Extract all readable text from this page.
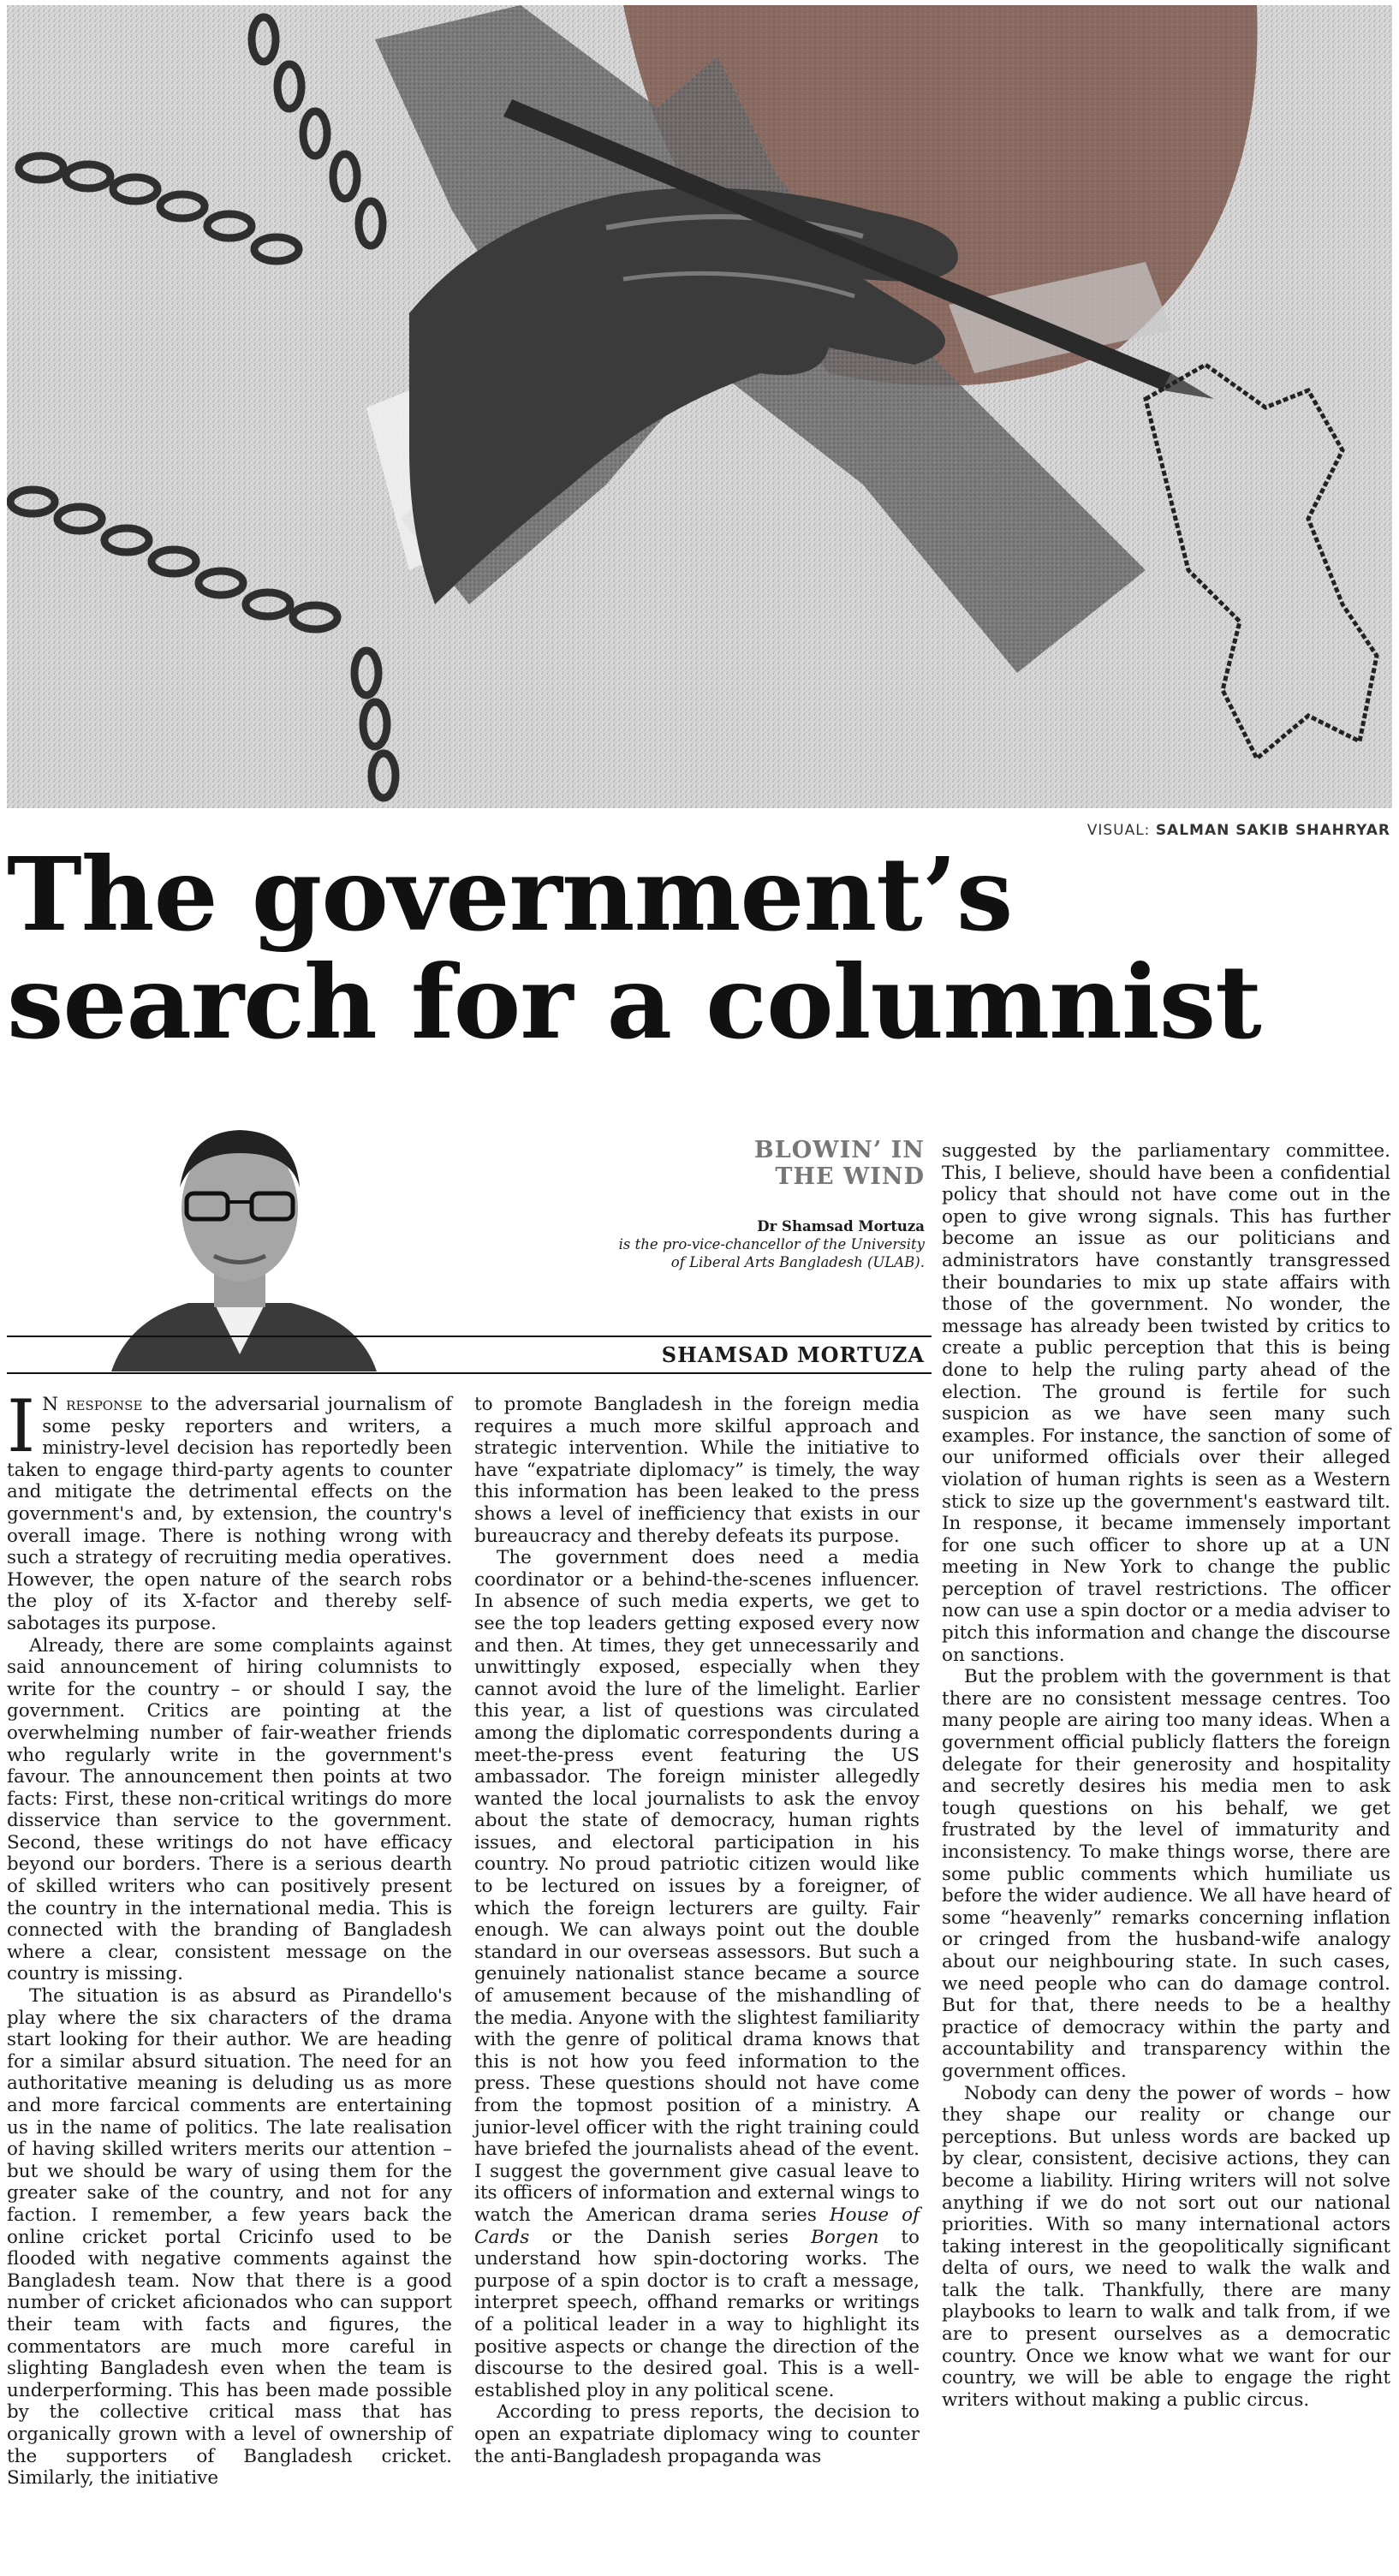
VISUAL: SALMAN SAKIB SHAHRYAR
The government’s
search for a columnist
BLOWIN’ IN
THE WIND
Dr Shamsad Mortuza
is the pro-vice-chancellor of the University of Liberal Arts Bangladesh (ULAB).
SHAMSAD MORTUZA

I N response to the adversarial journalism of some pesky reporters and writers, a ministry-level decision has reportedly been taken to engage third-party agents to counter and mitigate the detrimental effects on the government's and, by extension, the country's overall image. There is nothing wrong with such a strategy of recruiting media operatives. However, the open nature of the search robs the ploy of its X-factor and thereby self-sabotages its purpose.

Already, there are some complaints against said announcement of hiring columnists to write for the country – or should I say, the government. Critics are pointing at the overwhelming number of fair-weather friends who regularly write in the government's favour. The announcement then points at two facts: First, these non-critical writings do more disservice than service to the government. Second, these writings do not have efficacy beyond our borders. There is a serious dearth of skilled writers who can positively present the country in the international media. This is connected with the branding of Bangladesh where a clear, consistent message on the country is missing.

The situation is as absurd as Pirandello's play where the six characters of the drama start looking for their author. We are heading for a similar absurd situation. The need for an authoritative meaning is deluding us as more and more farcical comments are entertaining us in the name of politics. The late realisation of having skilled writers merits our attention – but we should be wary of using them for the greater sake of the country, and not for any faction. I remember, a few years back the online cricket portal Cricinfo used to be flooded with negative comments against the Bangladesh team. Now that there is a good number of cricket aficionados who can support their team with facts and figures, the commentators are much more careful in slighting Bangladesh even when the team is underperforming. This has been made possible by the collective critical mass that has organically grown with a level of ownership of the supporters of Bangladesh cricket. Similarly, the initiative

to promote Bangladesh in the foreign media requires a much more skilful approach and strategic intervention. While the initiative to have “expatriate diplomacy” is timely, the way this information has been leaked to the press shows a level of inefficiency that exists in our bureaucracy and thereby defeats its purpose.

The government does need a media coordinator or a behind-the-scenes influencer. In absence of such media experts, we get to see the top leaders getting exposed every now and then. At times, they get unnecessarily and unwittingly exposed, especially when they cannot avoid the lure of the limelight. Earlier this year, a list of questions was circulated among the diplomatic correspondents during a meet-the-press event featuring the US ambassador. The foreign minister allegedly wanted the local journalists to ask the envoy about the state of democracy, human rights issues, and electoral participation in his country. No proud patriotic citizen would like to be lectured on issues by a foreigner, of which the foreign lecturers are guilty. Fair enough. We can always point out the double standard in our overseas assessors. But such a genuinely nationalist stance became a source of amusement because of the mishandling of the media. Anyone with the slightest familiarity with the genre of political drama knows that this is not how you feed information to the press. These questions should not have come from the topmost position of a ministry. A junior-level officer with the right training could have briefed the journalists ahead of the event. I suggest the government give casual leave to its officers of information and external wings to watch the American drama series House of Cards or the Danish series Borgen to understand how spin-doctoring works. The purpose of a spin doctor is to craft a message, interpret speech, offhand remarks or writings of a political leader in a way to highlight its positive aspects or change the direction of the discourse to the desired goal. This is a well-established ploy in any political scene.

According to press reports, the decision to open an expatriate diplomacy wing to counter the anti-Bangladesh propaganda was

suggested by the parliamentary committee. This, I believe, should have been a confidential policy that should not have come out in the open to give wrong signals. This has further become an issue as our politicians and administrators have constantly transgressed their boundaries to mix up state affairs with those of the government. No wonder, the message has already been twisted by critics to create a public perception that this is being done to help the ruling party ahead of the election. The ground is fertile for such suspicion as we have seen many such examples. For instance, the sanction of some of our uniformed officials over their alleged violation of human rights is seen as a Western stick to size up the government's eastward tilt. In response, it became immensely important for one such officer to shore up at a UN meeting in New York to change the public perception of travel restrictions. The officer now can use a spin doctor or a media adviser to pitch this information and change the discourse on sanctions.

But the problem with the government is that there are no consistent message centres. Too many people are airing too many ideas. When a government official publicly flatters the foreign delegate for their generosity and hospitality and secretly desires his media men to ask tough questions on his behalf, we get frustrated by the level of immaturity and inconsistency. To make things worse, there are some public comments which humiliate us before the wider audience. We all have heard of some “heavenly” remarks concerning inflation or cringed from the husband-wife analogy about our neighbouring state. In such cases, we need people who can do damage control. But for that, there needs to be a healthy practice of democracy within the party and accountability and transparency within the government offices.

Nobody can deny the power of words – how they shape our reality or change our perceptions. But unless words are backed up by clear, consistent, decisive actions, they can become a liability. Hiring writers will not solve anything if we do not sort out our national priorities. With so many international actors taking interest in the geopolitically significant delta of ours, we need to walk the walk and talk the talk. Thankfully, there are many playbooks to learn to walk and talk from, if we are to present ourselves as a democratic country. Once we know what we want for our country, we will be able to engage the right writers without making a public circus.
